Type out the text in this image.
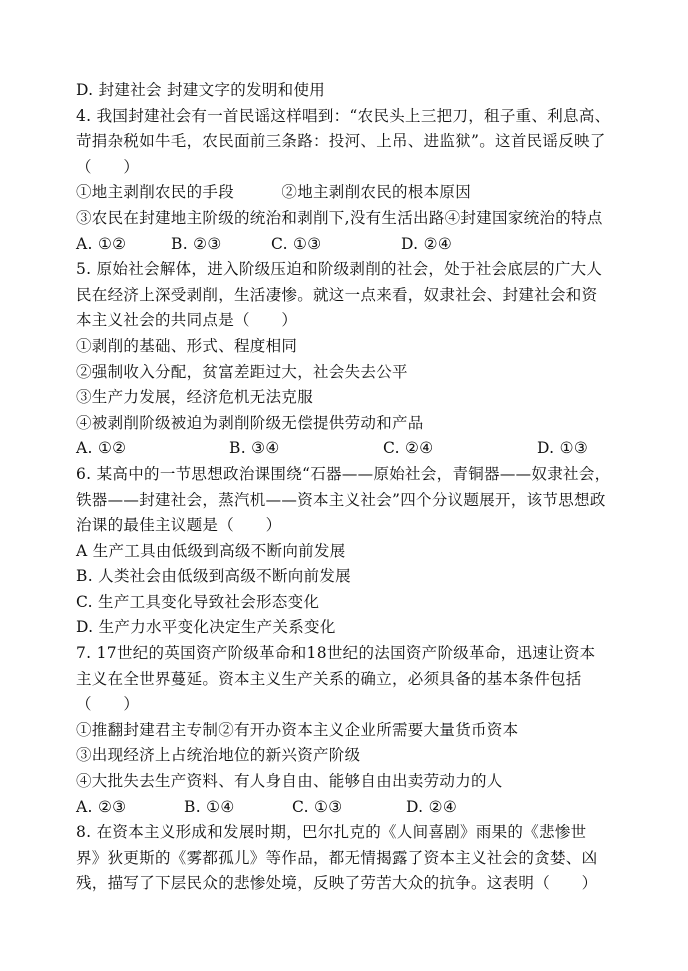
D. 封建社会 封建文字的发明和使用
4. 我国封建社会有一首民谣这样唱到：“农民头上三把刀，租子重、利息高、
苛捐杂税如牛毛，农民面前三条路：投河、上吊、进监狱”。这首民谣反映了
（　　）
①地主剥削农民的手段　　　②地主剥削农民的根本原因
③农民在封建地主阶级的统治和剥削下,没有生活出路④封建国家统治的特点
A. ①②	B. ②③	C. ①③	D. ②④
5. 原始社会解体，进入阶级压迫和阶级剥削的社会，处于社会底层的广大人
民在经济上深受剥削，生活凄惨。就这一点来看，奴隶社会、封建社会和资
本主义社会的共同点是（　　）
①剥削的基础、形式、程度相同
②强制收入分配，贫富差距过大，社会失去公平
③生产力发展，经济危机无法克服
④被剥削阶级被迫为剥削阶级无偿提供劳动和产品
A. ①②	B. ③④	C. ②④	D. ①③
6. 某高中的一节思想政治课围绕“石器——原始社会，青铜器——奴隶社会，
铁器——封建社会，蒸汽机——资本主义社会”四个分议题展开，该节思想政
治课的最佳主议题是（　　）
A 生产工具由低级到高级不断向前发展
B. 人类社会由低级到高级不断向前发展
C. 生产工具变化导致社会形态变化
D. 生产力水平变化决定生产关系变化
7. 17世纪的英国资产阶级革命和18世纪的法国资产阶级革命，迅速让资本
主义在全世界蔓延。资本主义生产关系的确立，必须具备的基本条件包括
（　　）
①推翻封建君主专制②有开办资本主义企业所需要大量货币资本
③出现经济上占统治地位的新兴资产阶级
④大批失去生产资料、有人身自由、能够自由出卖劳动力的人
A. ②③	B. ①④	C. ①③	D. ②④
8. 在资本主义形成和发展时期，巴尔扎克的《人间喜剧》雨果的《悲惨世
界》狄更斯的《雾都孤儿》等作品，都无情揭露了资本主义社会的贪婪、凶
残，描写了下层民众的悲惨处境，反映了劳苦大众的抗争。这表明（　　）
